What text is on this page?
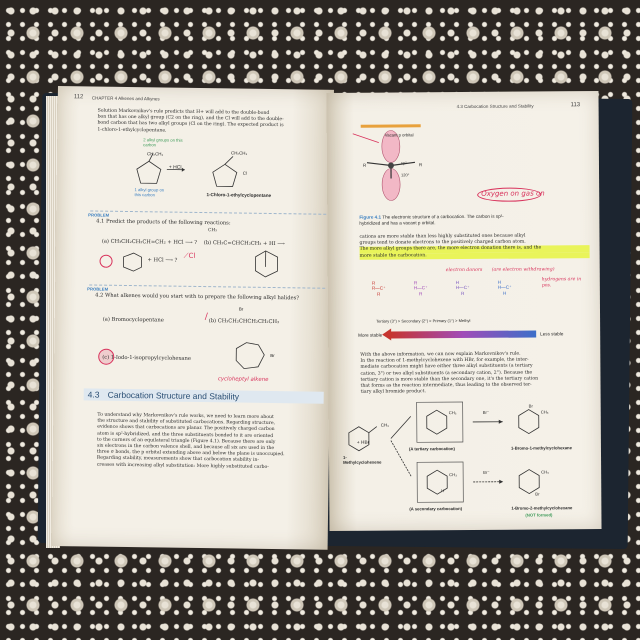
112 CHAPTER 4 Alkenes and Alkynes
Solution Markovnikov's rule predicts that H+ will add to the double-bond
bon that has one alkyl group (C2 on the ring), and the Cl will add to the double-
bond carbon that has two alkyl groups (Cl on the ring). The expected product is
1-chloro-1-ethylcyclopentane.
2 alkyl groups on this carbon
CH₂CH₃
+ HCl
CH₂CH₃
Cl
1-Chloro-1-ethylcyclopentane
1 alkyl group on this carbon
PROBLEM
4.1 Predict the products of the following reactions:
(a) CH₃CH₂CH₂CH=CH₂ + HCl ⟶ ?
CH₃
(b) CH₃C=CHCH₂CH₃ + HI ⟶
+ HCl ⟶ ?
⟋Cl
PROBLEM
4.2 What alkenes would you start with to prepare the following alkyl halides?
(a) Bromocyclopentane
Br
(b) CH₃CH₂CHCH₂CH₂CH₃
/
(c) 1-Iodo-1-isopropylcyclohexane	Br
cycloheptyl alkene
4.3 Carbocation Structure and Stability
To understand why Markovnikov's rule works, we need to learn more about
the structure and stability of substituted carbocations. Regarding structure,
evidence shows that carbocations are planar. The positively charged carbon
atom is sp²-hybridized, and the three substituents bonded to it are oriented
to the corners of an equilateral triangle (Figure 4.1). Because there are only
six electrons in the carbon valence shell, and because all six are used in the
three σ bonds, the p orbital extending above and below the plane is unoccupied.
Regarding stability, measurements show that carbocation stability in-
creases with increasing alkyl substitution: More highly substituted carbo-
4.3 Carbocation Structure and Stability	113
Vacant p orbital
R	R
sp²
120°
Oxygen on gas on
Figure 4.1 The electronic structure of a carbocation. The carbon is sp²-hybridized and has a vacant p orbital.
cations are more stable than less highly substituted ones because alkyl
groups tend to donate electrons to the positively charged carbon atom.
The more alkyl groups there are, the more electron donation there is, and the
more stable the carbocation.
electron donors (are electron withdrawing)
hydrogens are in pos.
R
R—C⁺
R
R
H—C⁺
R
H
H—C⁺
R
H
H—C⁺
H
Tertiary (3°) > Secondary (2°) > Primary (1°) > Methyl
More stable	Less stable
With the above information, we can now explain Markovnikov's rule.
In the reaction of 1-methylcyclohexene with HBr, for example, the inter-
mediate carbocation might have either three alkyl substituents (a tertiary
cation, 3°) or two alkyl substituents (a secondary cation, 2°). Because the
tertiary cation is more stable than the secondary one, it's the tertiary cation
that forms as the reaction intermediate, thus leading to the observed ter-
tiary alkyl bromide product.
CH₃
+ HBr
1-Methylcyclohexene
CH₃	Br⁻
Br
CH₃
(A tertiary carbocation)	1-Bromo-1-methylcyclohexane
CH₃
H
Br⁻	CH₃
Br
(A secondary carbocation)	1-Bromo-2-methylcyclohexane
(NOT formed)
